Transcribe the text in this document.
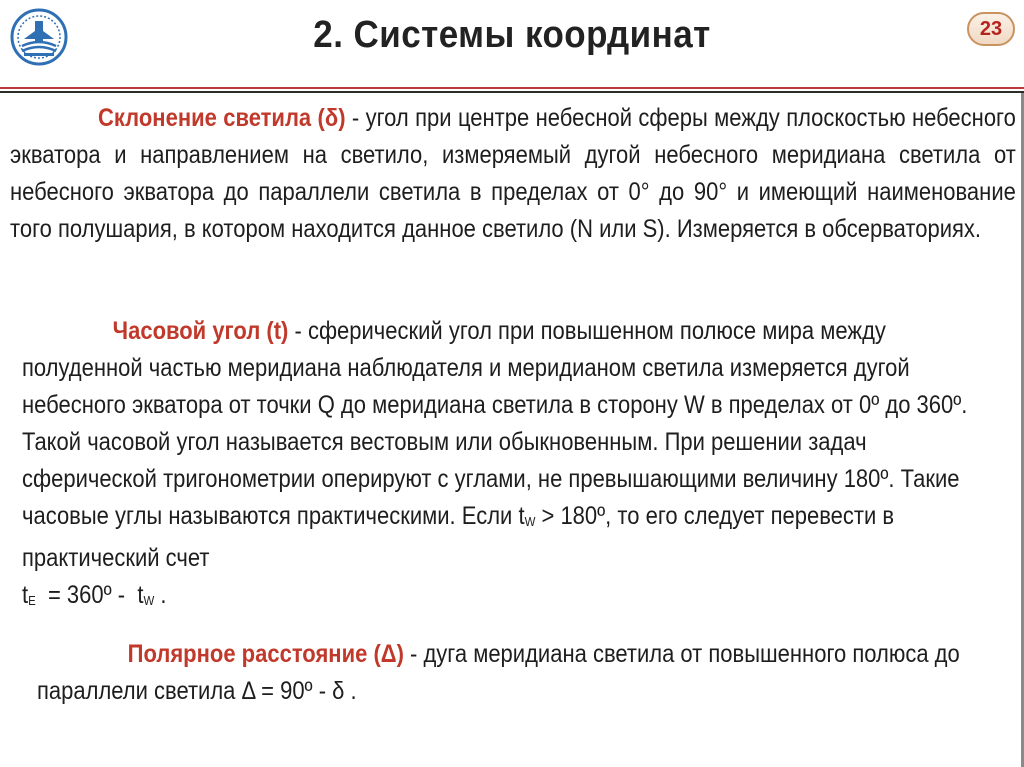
2. Системы координат	23
Склонение светила (δ) - угол при центре небесной сферы между плоскостью небесного экватора и направлением на светило, измеряемый дугой небесного меридиана светила от небесного экватора до параллели светила в пределах от 0° до 90° и имеющий наименование того полушария, в котором находится данное светило (N или S). Измеряется в обсерваториях.
Часовой угол (t) - сферический угол при повышенном полюсе мира между полуденной частью меридиана наблюдателя и меридианом светила измеряется дугой небесного экватора от точки Q до меридиана светила в сторону W в пределах от 0º до 360º. Такой часовой угол называется вестовым или обыкновенным. При решении задач сферической тригонометрии оперируют с углами, не превышающими величину 180º. Такие часовые углы называются практическими. Если tW > 180º, то его следует перевести в практический счет
tE  = 360º -  tW .
Полярное расстояние (Δ) - дуга меридиана светила от повышенного полюса до параллели светила Δ = 90º - δ .
